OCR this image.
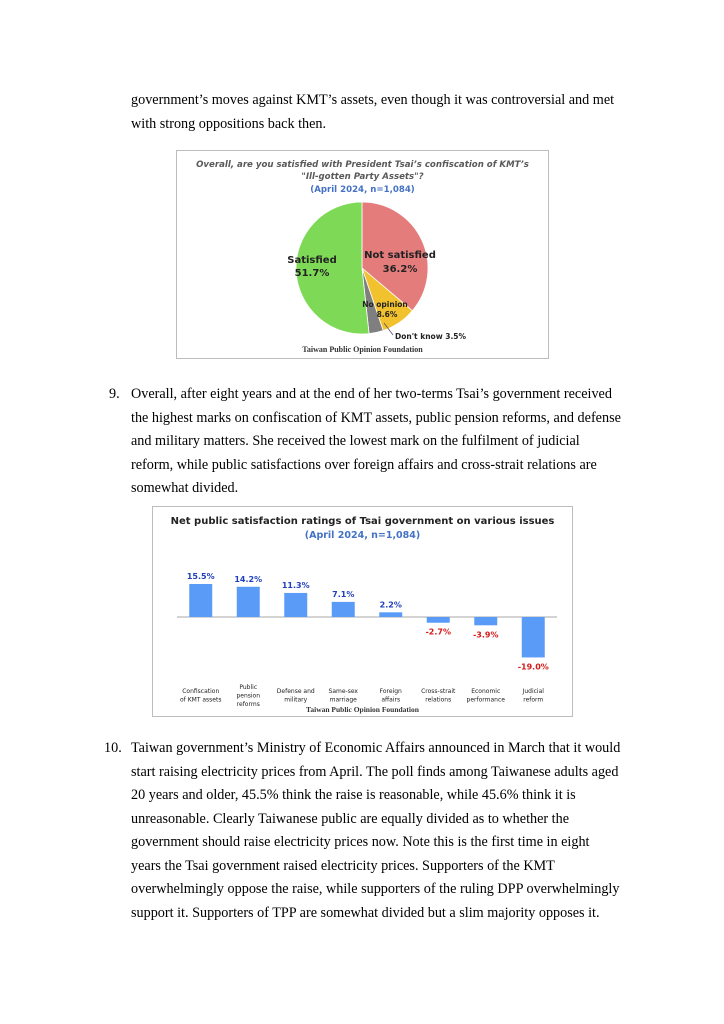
government’s moves against KMT’s assets, even though it was controversial and met with strong oppositions back then.

Overall, are you satisfied with President Tsai’s confiscation of KMT’s
"Ill-gotten Party Assets"?
(April 2024, n=1,084)
Satisfied
51.7%
Not satisfied
36.2%
No opinion
8.6%
Don't know 3.5%
Taiwan Public Opinion Foundation
9. Overall, after eight years and at the end of her two-terms Tsai’s government received the highest marks on confiscation of KMT assets, public pension reforms, and defense and military matters. She received the lowest mark on the fulfilment of judicial reform, while public satisfactions over foreign affairs and cross-strait relations are somewhat divided.

Net public satisfaction ratings of Tsai government on various issues
(April 2024, n=1,084)
15.5%
Confiscation
of KMT assets
14.2%
Public
pension
reforms
11.3%
Defense and
military
7.1%
Same-sex
marriage
2.2%
Foreign
affairs
-2.7%
Cross-strait
relations
-3.9%
Economic
performance
-19.0%
Judicial
reform
Taiwan Public Opinion Foundation
10. Taiwan government’s Ministry of Economic Affairs announced in March that it would start raising electricity prices from April. The poll finds among Taiwanese adults aged 20 years and older, 45.5% think the raise is reasonable, while 45.6% think it is unreasonable. Clearly Taiwanese public are equally divided as to whether the government should raise electricity prices now. Note this is the first time in eight years the Tsai government raised electricity prices. Supporters of the KMT overwhelmingly oppose the raise, while supporters of the ruling DPP overwhelmingly support it. Supporters of TPP are somewhat divided but a slim majority opposes it.
